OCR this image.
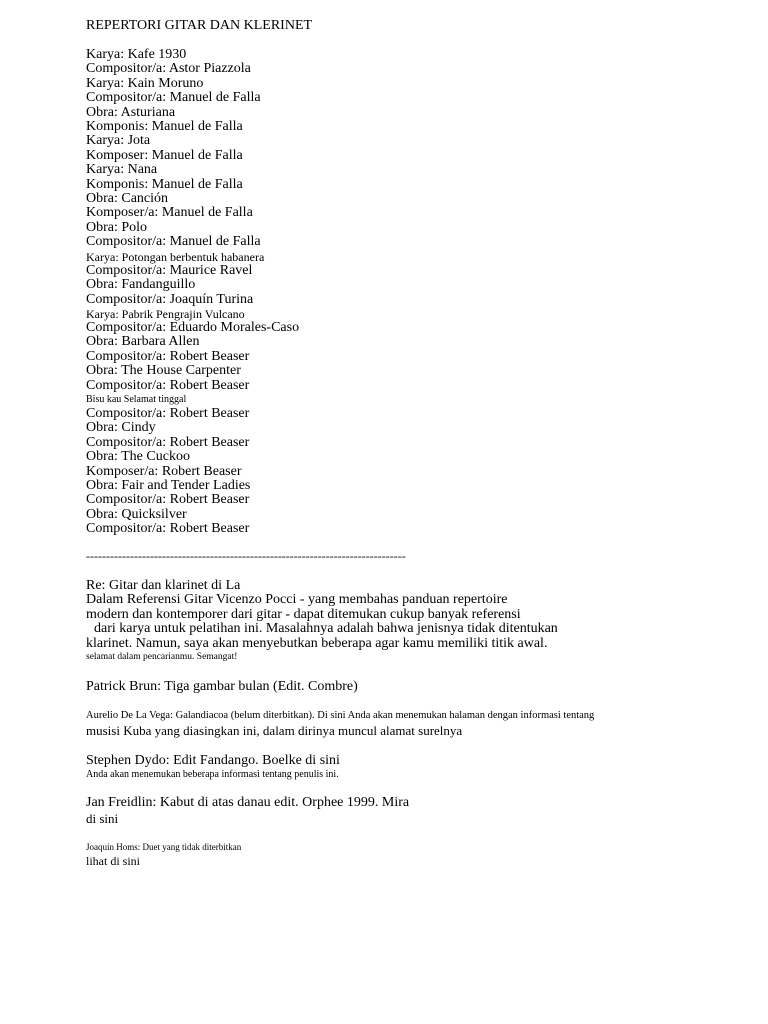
REPERTORI GITAR DAN KLERINET
Karya: Kafe 1930
Compositor/a: Astor Piazzola
Karya: Kain Moruno
Compositor/a: Manuel de Falla
Obra: Asturiana
Komponis: Manuel de Falla
Karya: Jota
Komposer: Manuel de Falla
Karya: Nana
Komponis: Manuel de Falla
Obra: Canción
Komposer/a: Manuel de Falla
Obra: Polo
Compositor/a: Manuel de Falla
Karya: Potongan berbentuk habanera
Compositor/a: Maurice Ravel
Obra: Fandanguillo
Compositor/a: Joaquín Turina
Karya: Pabrik Pengrajin Vulcano
Compositor/a: Eduardo Morales-Caso
Obra: Barbara Allen
Compositor/a: Robert Beaser
Obra: The House Carpenter
Compositor/a: Robert Beaser
Bisu kau Selamat tinggal
Compositor/a: Robert Beaser
Obra: Cindy
Compositor/a: Robert Beaser
Obra: The Cuckoo
Komposer/a: Robert Beaser
Obra: Fair and Tender Ladies
Compositor/a: Robert Beaser
Obra: Quicksilver
Compositor/a: Robert Beaser
--------------------------------------------------------------------------------
Re: Gitar dan klarinet di La
Dalam Referensi Gitar Vicenzo Pocci - yang membahas panduan repertoire
modern dan kontemporer dari gitar - dapat ditemukan cukup banyak referensi
dari karya untuk pelatihan ini. Masalahnya adalah bahwa jenisnya tidak ditentukan
klarinet. Namun, saya akan menyebutkan beberapa agar kamu memiliki titik awal.
selamat dalam pencarianmu. Semangat!
Patrick Brun: Tiga gambar bulan (Edit. Combre)
Aurelio De La Vega: Galandiacoa (belum diterbitkan). Di sini Anda akan menemukan halaman dengan informasi tentang
musisi Kuba yang diasingkan ini, dalam dirinya muncul alamat surelnya
Stephen Dydo: Edit Fandango. Boelke di sini
Anda akan menemukan beberapa informasi tentang penulis ini.
Jan Freidlin: Kabut di atas danau edit. Orphee 1999. Mira
di sini
Joaquín Homs: Duet yang tidak diterbitkan
lihat di sini
